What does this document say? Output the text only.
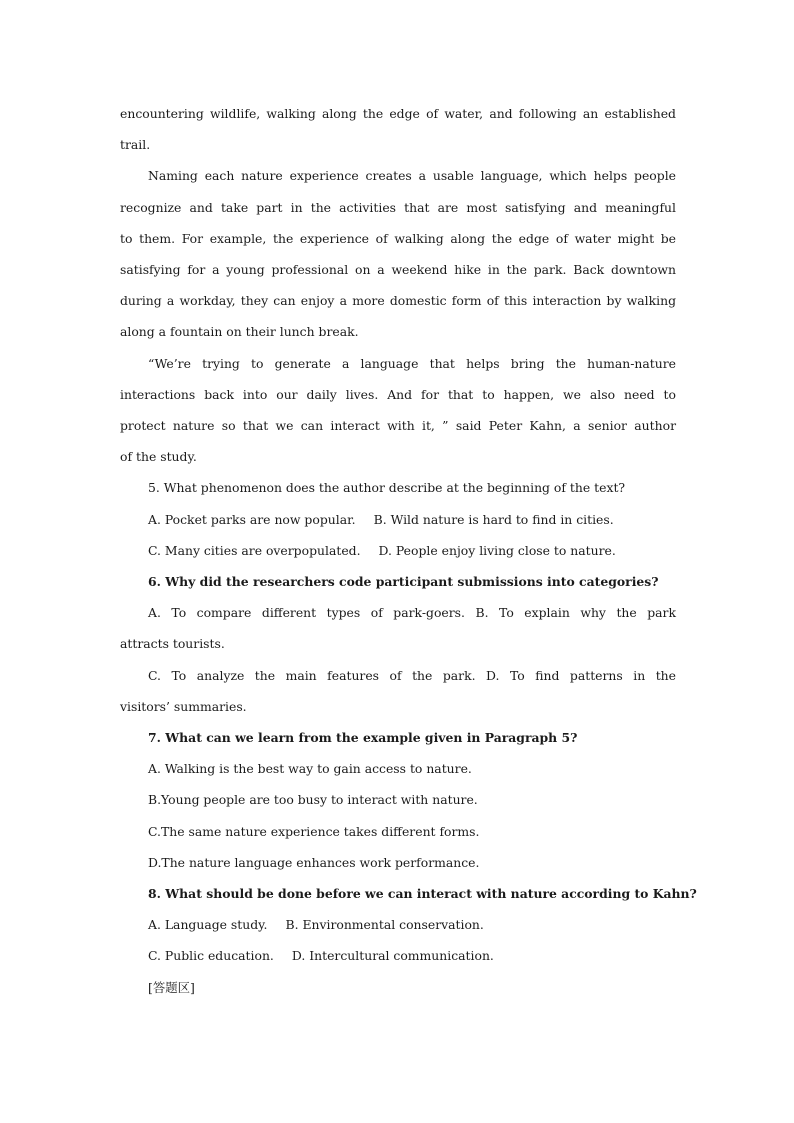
encountering wildlife, walking along the edge of water, and following an established
trail.
Naming each nature experience creates a usable language, which helps people
recognize and take part in the activities that are most satisfying and meaningful
to them. For example, the experience of walking along the edge of water might be
satisfying for a young professional on a weekend hike in the park. Back downtown
during a workday, they can enjoy a more domestic form of this interaction by walking
along a fountain on their lunch break.
“We’re trying to generate a language that helps bring the human-nature
interactions back into our daily lives. And for that to happen, we also need to
protect nature so that we can interact with it, ” said Peter Kahn, a senior author
of the study.
5. What phenomenon does the author describe at the beginning of the text?
A. Pocket parks are now popular. B. Wild nature is hard to find in cities.
C. Many cities are overpopulated. D. People enjoy living close to nature.
6. Why did the researchers code participant submissions into categories?
A. To compare different types of park-goers. B. To explain why the park
attracts tourists.
C. To analyze the main features of the park. D. To find patterns in the
visitors’ summaries.
7. What can we learn from the example given in Paragraph 5?
A. Walking is the best way to gain access to nature.
B.Young people are too busy to interact with nature.
C.The same nature experience takes different forms.
D.The nature language enhances work performance.
8. What should be done before we can interact with nature according to Kahn?
A. Language study. B. Environmental conservation.
C. Public education. D. Intercultural communication.
[答题区]
